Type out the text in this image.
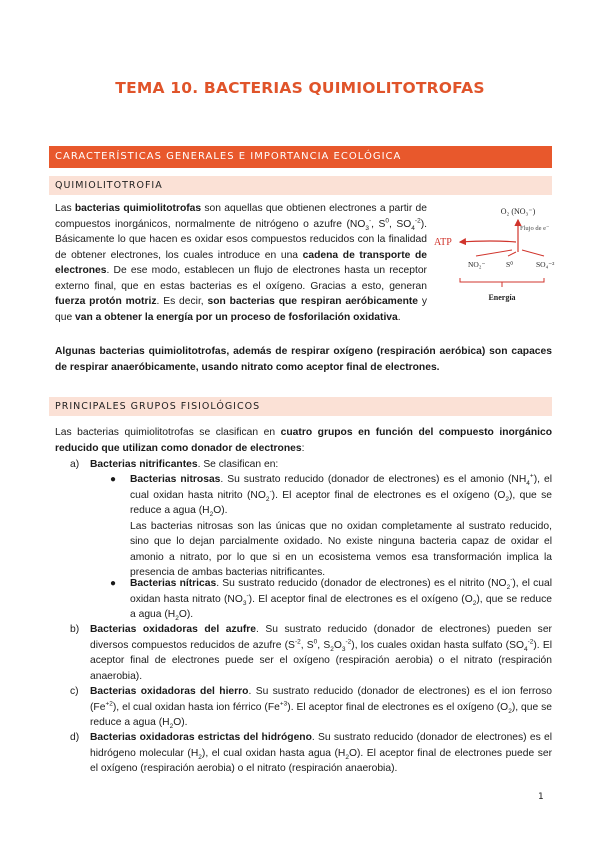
TEMA 10. BACTERIAS QUIMIOLITOTROFAS
CARACTERÍSTICAS GENERALES E IMPORTANCIA ECOLÓGICA
QUIMIOLITOTROFIA
Las bacterias quimiolitotrofas son aquellas que obtienen electrones a partir de compuestos inorgánicos, normalmente de nitrógeno o azufre ($NO_3^-$, $S^0$, $SO_4^{-2}$). Básicamente lo que hacen es oxidar esos compuestos reducidos con la finalidad de obtener electrones, los cuales introduce en una cadena de transporte de electrones. De ese modo, establecen un flujo de electrones hasta un receptor externo final, que en estas bacterias es el oxígeno. Gracias a esto, generan fuerza protón motriz. Es decir, son bacterias que respiran aeróbicamente y que van a obtener la energía por un proceso de fosforilación oxidativa.
O₂ (NO₃⁻)
Flujo de e⁻
ATP
NO₂⁻	S⁰	SO₄⁻²
Energía
Algunas bacterias quimiolitotrofas, además de respirar oxígeno (respiración aeróbica) son capaces de respirar anaeróbicamente, usando nitrato como aceptor final de electrones.
PRINCIPALES GRUPOS FISIOLÓGICOS
Las bacterias quimiolitotrofas se clasifican en cuatro grupos en función del compuesto inorgánico reducido que utilizan como donador de electrones:
a)	Bacterias nitrificantes. Se clasifican en:
● Bacterias nitrosas. Su sustrato reducido (donador de electrones) es el amonio $(NH_4^+)$, el cual oxidan hasta nitrito $(NO_2^-)$. El aceptor final de electrones es el oxígeno $(O_2)$, que se reduce a agua $(H_2O)$.
Las bacterias nitrosas son las únicas que no oxidan completamente al sustrato reducido, sino que lo dejan parcialmente oxidado. No existe ninguna bacteria capaz de oxidar el amonio a nitrato, por lo que si en un ecosistema vemos esa transformación implica la presencia de ambas bacterias nitrificantes.
● Bacterias nítricas. Su sustrato reducido (donador de electrones) es el nitrito $(NO_2^-)$, el cual oxidan hasta nitrato $(NO_3^-)$. El aceptor final de electrones es el oxígeno $(O_2)$, que se reduce a agua $(H_2O)$.
b)	Bacterias oxidadoras del azufre. Su sustrato reducido (donador de electrones) pueden ser diversos compuestos reducidos de azufre ($S^{-2}$, $S^0$, $S_2O_3^{-2}$), los cuales oxidan hasta sulfato $(SO_4^{-2})$. El aceptor final de electrones puede ser el oxígeno (respiración aerobia) o el nitrato (respiración anaerobia).
c)	Bacterias oxidadoras del hierro. Su sustrato reducido (donador de electrones) es el ion ferroso $(Fe^{+2})$, el cual oxidan hasta ion férrico $(Fe^{+3})$. El aceptor final de electrones es el oxígeno $(O_2)$, que se reduce a agua $(H_2O)$.
d)	Bacterias oxidadoras estrictas del hidrógeno. Su sustrato reducido (donador de electrones) es el hidrógeno molecular $(H_2)$, el cual oxidan hasta agua $(H_2O)$. El aceptor final de electrones puede ser el oxígeno (respiración aerobia) o el nitrato (respiración anaerobia).
1
